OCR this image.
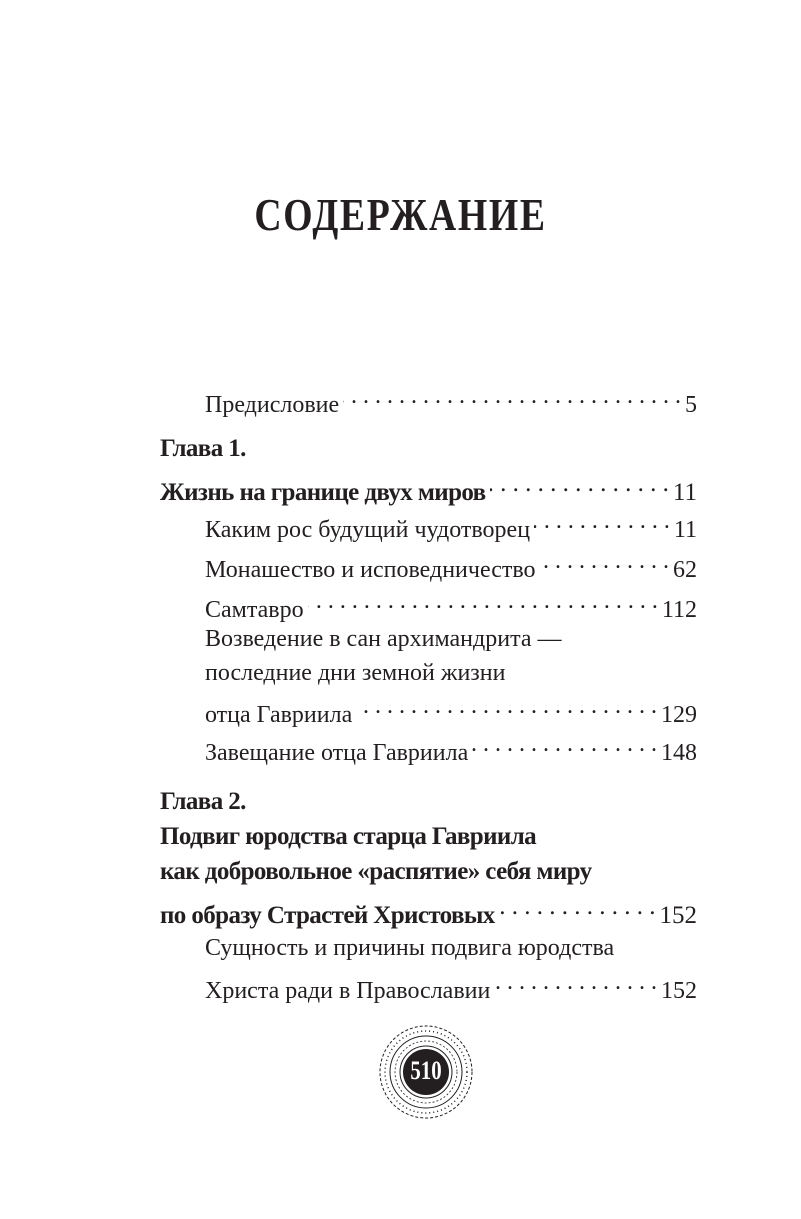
СОДЕРЖАНИЕ
Предисловие . . .	5
Глава 1.
Жизнь на границе двух миров . . .	11
Каким рос будущий чудотворец . . .	11
Монашество и исповедничество . . .	62
Самтавро . . .	112
Возведение в сан архимандрита —
последние дни земной жизни
отца Гавриила . . .	129
Завещание отца Гавриила . . .	148
Глава 2.
Подвиг юродства старца Гавриила
как добровольное «распятие» себя миру
по образу Страстей Христовых . . .	152
Сущность и причины подвига юродства
Христа ради в Православии . . .	152
510
